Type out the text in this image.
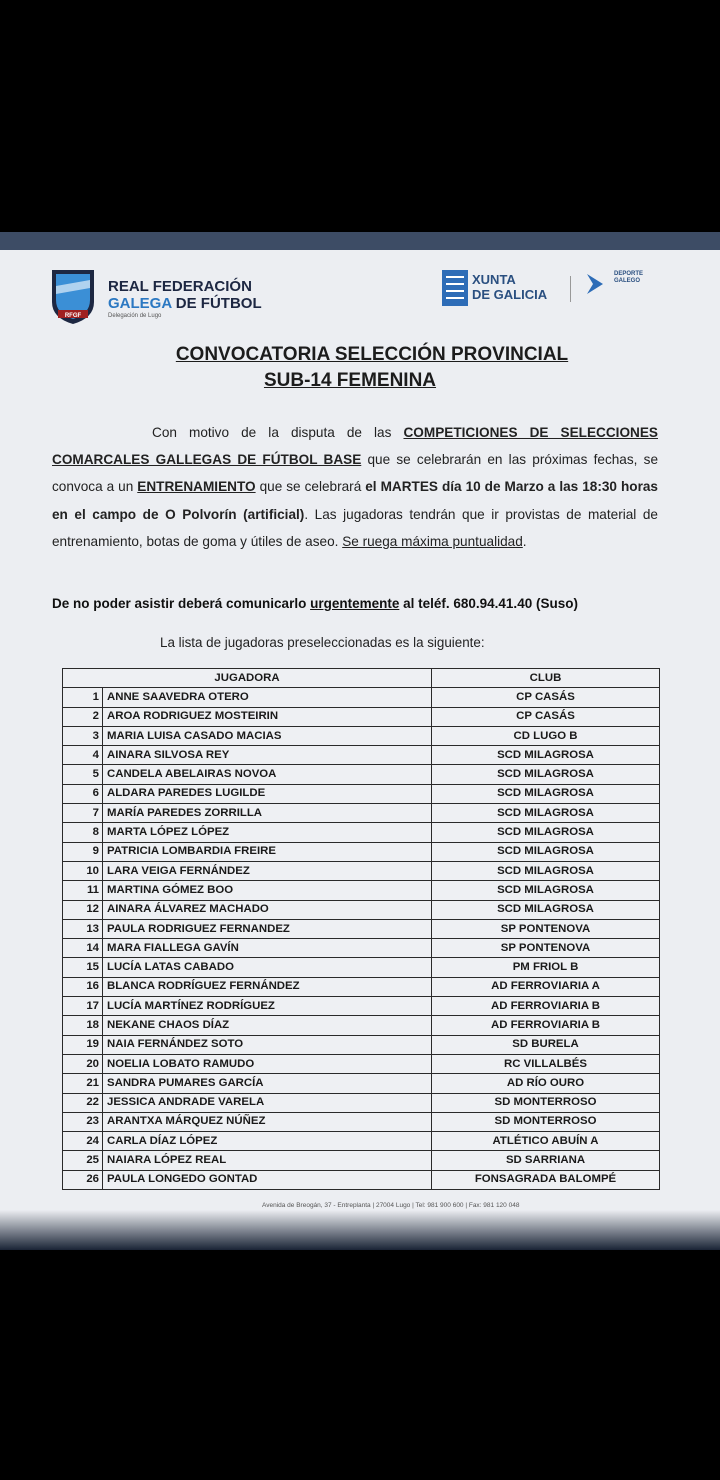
RFGF
REAL FEDERACIÓN
GALEGA DE FÚTBOL
Delegación de Lugo
XUNTA
DE GALICIA
DEPORTE
GALEGO
CONVOCATORIA SELECCIÓN PROVINCIAL
SUB-14 FEMENINA
Con motivo de la disputa de las COMPETICIONES DE SELECCIONES COMARCALES GALLEGAS DE FÚTBOL BASE que se celebrarán en las próximas fechas, se convoca a un ENTRENAMIENTO que se celebrará el MARTES día 10 de Marzo a las 18:30 horas en el campo de O Polvorín (artificial). Las jugadoras tendrán que ir provistas de material de entrenamiento, botas de goma y útiles de aseo. Se ruega máxima puntualidad.
De no poder asistir deberá comunicarlo urgentemente al teléf. 680.94.41.40 (Suso)
La lista de jugadoras preseleccionadas es la siguiente:
JUGADORA		CLUB
1	ANNE SAAVEDRA OTERO	CP CASÁS
2	AROA RODRIGUEZ MOSTEIRIN	CP CASÁS
3	MARIA LUISA CASADO MACIAS	CD LUGO B
4	AINARA SILVOSA REY	SCD MILAGROSA
5	CANDELA ABELAIRAS NOVOA	SCD MILAGROSA
6	ALDARA PAREDES LUGILDE	SCD MILAGROSA
7	MARÍA PAREDES ZORRILLA	SCD MILAGROSA
8	MARTA LÓPEZ LÓPEZ	SCD MILAGROSA
9	PATRICIA LOMBARDIA FREIRE	SCD MILAGROSA
10	LARA VEIGA FERNÁNDEZ	SCD MILAGROSA
11	MARTINA GÓMEZ BOO	SCD MILAGROSA
12	AINARA ÁLVAREZ MACHADO	SCD MILAGROSA
13	PAULA RODRIGUEZ FERNANDEZ	SP PONTENOVA
14	MARA FIALLEGA GAVÍN	SP PONTENOVA
15	LUCÍA LATAS CABADO	PM FRIOL B
16	BLANCA RODRÍGUEZ FERNÁNDEZ	AD FERROVIARIA A
17	LUCÍA MARTÍNEZ RODRÍGUEZ	AD FERROVIARIA B
18	NEKANE CHAOS DÍAZ	AD FERROVIARIA B
19	NAIA FERNÁNDEZ SOTO	SD BURELA
20	NOELIA LOBATO RAMUDO	RC VILLALBÉS
21	SANDRA PUMARES GARCÍA	AD RÍO OURO
22	JESSICA ANDRADE VARELA	SD MONTERROSO
23	ARANTXA MÁRQUEZ NÚÑEZ	SD MONTERROSO
24	CARLA DÍAZ LÓPEZ	ATLÉTICO ABUÍN A
25	NAIARA LÓPEZ REAL	SD SARRIANA
26	PAULA LONGEDO GONTAD	FONSAGRADA BALOMPÉ
Avenida de Breogán, 37 - Entreplanta | 27004 Lugo | Tel: 981 900 600 | Fax: 981 120 048
